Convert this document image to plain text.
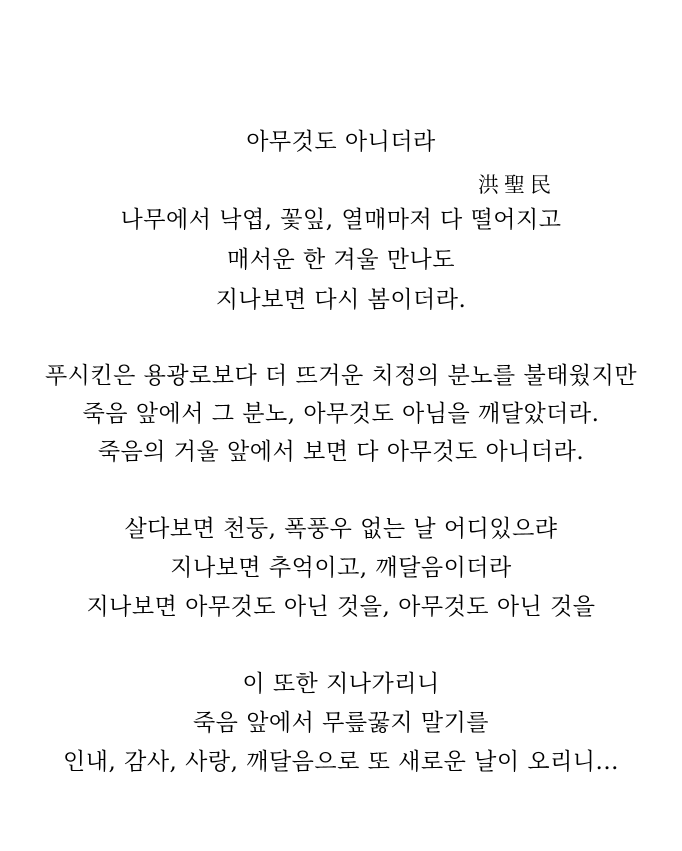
아무것도 아니더라
洪聖民
나무에서 낙엽, 꽃잎, 열매마저 다 떨어지고
매서운 한 겨울 만나도
지나보면 다시 봄이더라.
푸시킨은 용광로보다 더 뜨거운 치정의 분노를 불태웠지만
죽음 앞에서 그 분노, 아무것도 아님을 깨달았더라.
죽음의 거울 앞에서 보면 다 아무것도 아니더라.
살다보면 천둥, 폭풍우 없는 날 어디있으랴
지나보면 추억이고, 깨달음이더라
지나보면 아무것도 아닌 것을, 아무것도 아닌 것을
이 또한 지나가리니
죽음 앞에서 무릎꿇지 말기를
인내, 감사, 사랑, 깨달음으로 또 새로운 날이 오리니...
